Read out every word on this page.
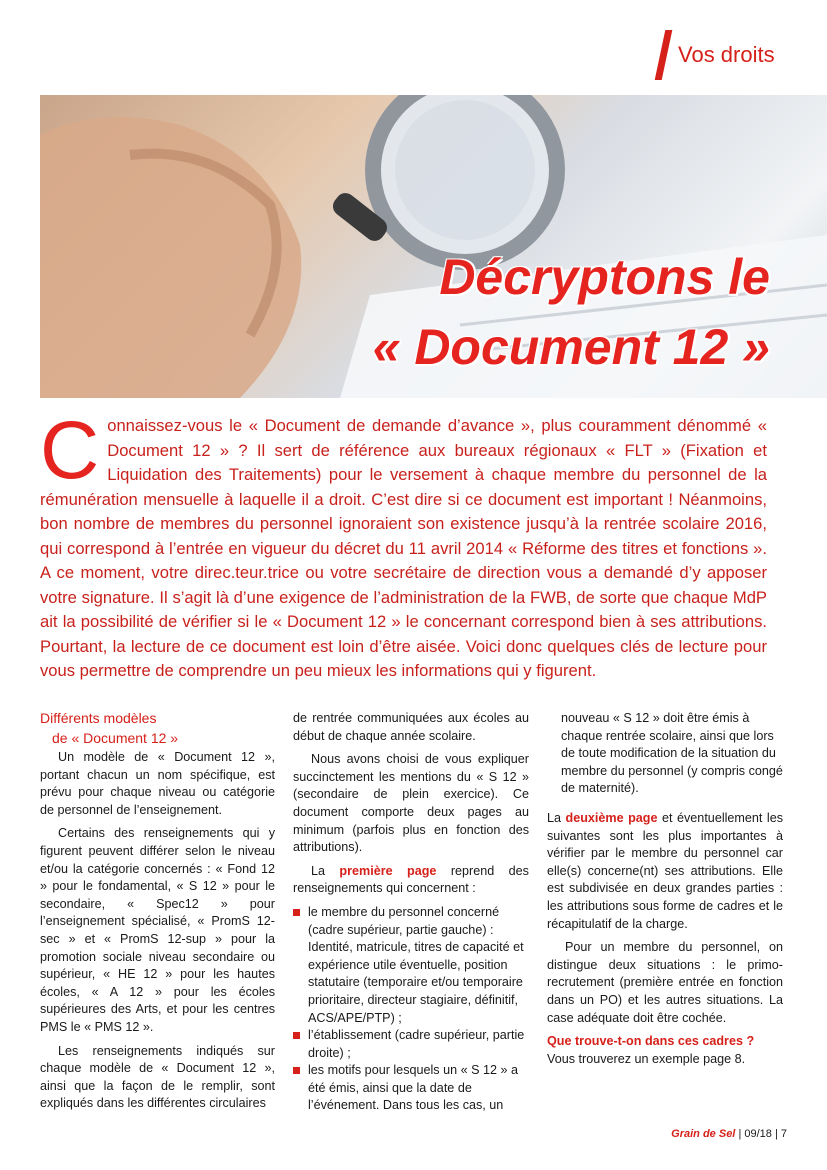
Vos droits
Décryptons le
« Document 12 »
Connaissez-vous le « Document de demande d’avance », plus couramment dénommé « Document 12 » ? Il sert de référence aux bureaux régionaux « FLT » (Fixation et Liquidation des Traitements) pour le versement à chaque membre du personnel de la rémunération mensuelle à laquelle il a droit. C’est dire si ce document est important ! Néanmoins, bon nombre de membres du personnel ignoraient son existence jusqu’à la rentrée scolaire 2016, qui correspond à l’entrée en vigueur du décret du 11 avril 2014 « Réforme des titres et fonctions ». A ce moment, votre direc.teur.trice ou votre secrétaire de direction vous a demandé d’y apposer votre signature. Il s’agit là d’une exigence de l’administration de la FWB, de sorte que chaque MdP ait la possibilité de vérifier si le « Document 12 » le concernant correspond bien à ses attributions. Pourtant, la lecture de ce document est loin d’être aisée. Voici donc quelques clés de lecture pour vous permettre de comprendre un peu mieux les informations qui y figurent.
Différents modèles
de « Document 12 »

Un modèle de « Document 12 », portant chacun un nom spécifique, est prévu pour chaque niveau ou catégorie de personnel de l’enseignement.

Certains des renseignements qui y figurent peuvent différer selon le niveau et/ou la catégorie concernés : « Fond 12 » pour le fondamental, « S 12 » pour le secondaire, « Spec12 » pour l’enseignement spécialisé, « PromS 12-sec » et « PromS 12-sup » pour la promotion sociale niveau secondaire ou supérieur, « HE 12 » pour les hautes écoles, « A 12 » pour les écoles supérieures des Arts, et pour les centres PMS le « PMS 12 ».

Les renseignements indiqués sur chaque modèle de « Document 12 », ainsi que la façon de le remplir, sont expliqués dans les différentes circulaires

de rentrée communiquées aux écoles au début de chaque année scolaire.

Nous avons choisi de vous expliquer succinctement les mentions du « S 12 » (secondaire de plein exercice). Ce document comporte deux pages au minimum (parfois plus en fonction des attributions).

La première page reprend des renseignements qui concernent :

le membre du personnel concerné (cadre supérieur, partie gauche) : Identité, matricule, titres de capacité et expérience utile éventuelle, position statutaire (temporaire et/ou temporaire prioritaire, directeur stagiaire, définitif, ACS/APE/PTP) ;
l’établissement (cadre supérieur, partie droite) ;
les motifs pour lesquels un « S 12 » a été émis, ainsi que la date de l’événement. Dans tous les cas, un

nouveau « S 12 » doit être émis à chaque rentrée scolaire, ainsi que lors de toute modification de la situation du membre du personnel (y compris congé de maternité).

La deuxième page et éventuellement les suivantes sont les plus importantes à vérifier par le membre du personnel car elle(s) concerne(nt) ses attributions. Elle est subdivisée en deux grandes parties : les attributions sous forme de cadres et le récapitulatif de la charge.

Pour un membre du personnel, on distingue deux situations : le primo-recrutement (première entrée en fonction dans un PO) et les autres situations. La case adéquate doit être cochée.

Que trouve-t-on dans ces cadres ?

Vous trouverez un exemple page 8.

Grain de Sel | 09/18 | 7
